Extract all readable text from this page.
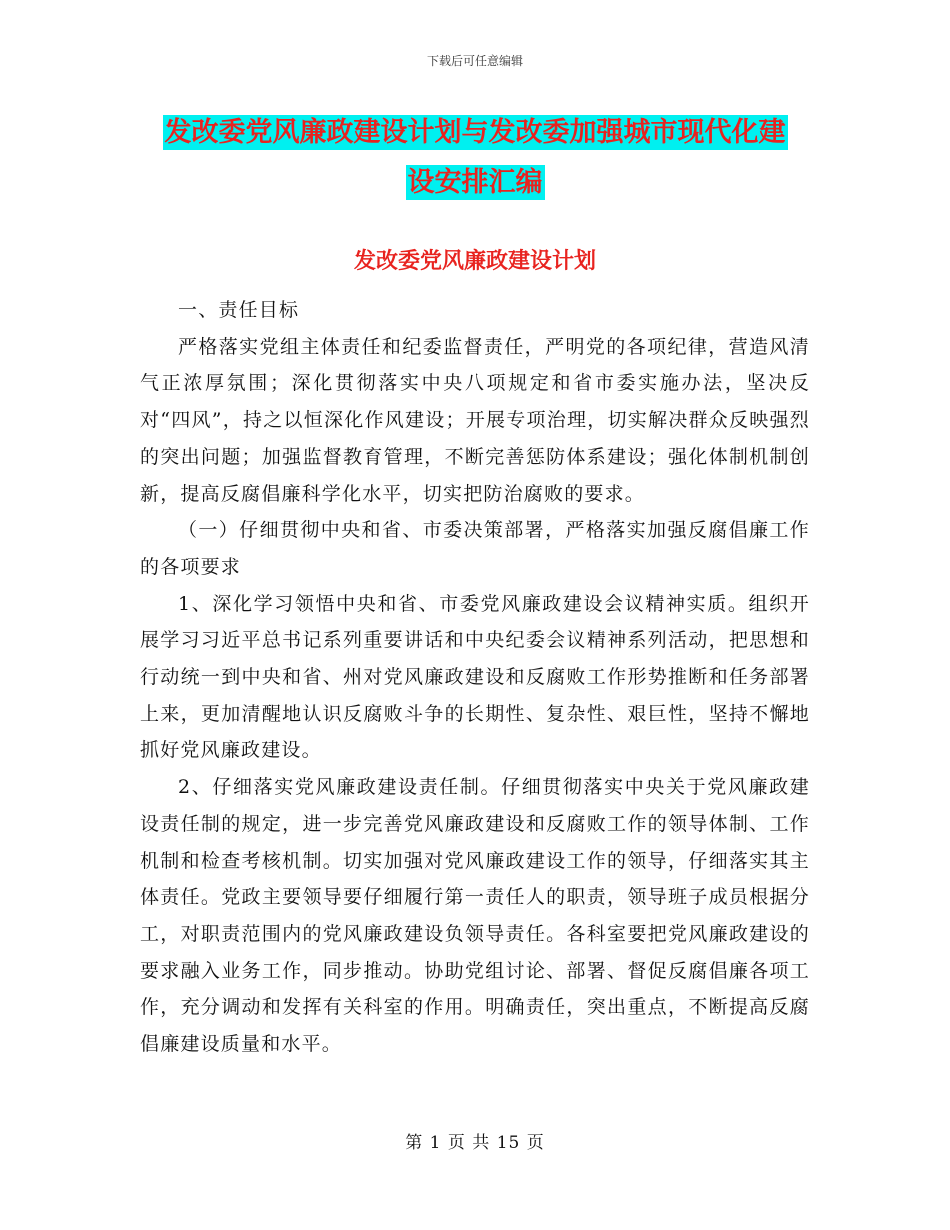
下载后可任意编辑
发改委党风廉政建设计划与发改委加强城市现代化建
设安排汇编
发改委党风廉政建设计划

一、责任目标

严格落实党组主体责任和纪委监督责任，严明党的各项纪律，营造风清气正浓厚氛围；深化贯彻落实中央八项规定和省市委实施办法，坚决反对“四风”，持之以恒深化作风建设；开展专项治理，切实解决群众反映强烈的突出问题；加强监督教育管理，不断完善惩防体系建设；强化体制机制创新，提高反腐倡廉科学化水平，切实把防治腐败的要求。

（一）仔细贯彻中央和省、市委决策部署，严格落实加强反腐倡廉工作的各项要求

1、深化学习领悟中央和省、市委党风廉政建设会议精神实质。组织开展学习习近平总书记系列重要讲话和中央纪委会议精神系列活动，把思想和行动统一到中央和省、州对党风廉政建设和反腐败工作形势推断和任务部署上来，更加清醒地认识反腐败斗争的长期性、复杂性、艰巨性，坚持不懈地抓好党风廉政建设。

2、仔细落实党风廉政建设责任制。仔细贯彻落实中央关于党风廉政建设责任制的规定，进一步完善党风廉政建设和反腐败工作的领导体制、工作机制和检查考核机制。切实加强对党风廉政建设工作的领导，仔细落实其主体责任。党政主要领导要仔细履行第一责任人的职责，领导班子成员根据分工，对职责范围内的党风廉政建设负领导责任。各科室要把党风廉政建设的要求融入业务工作，同步推动。协助党组讨论、部署、督促反腐倡廉各项工作，充分调动和发挥有关科室的作用。明确责任，突出重点，不断提高反腐倡廉建设质量和水平。

第 1 页 共 15 页
